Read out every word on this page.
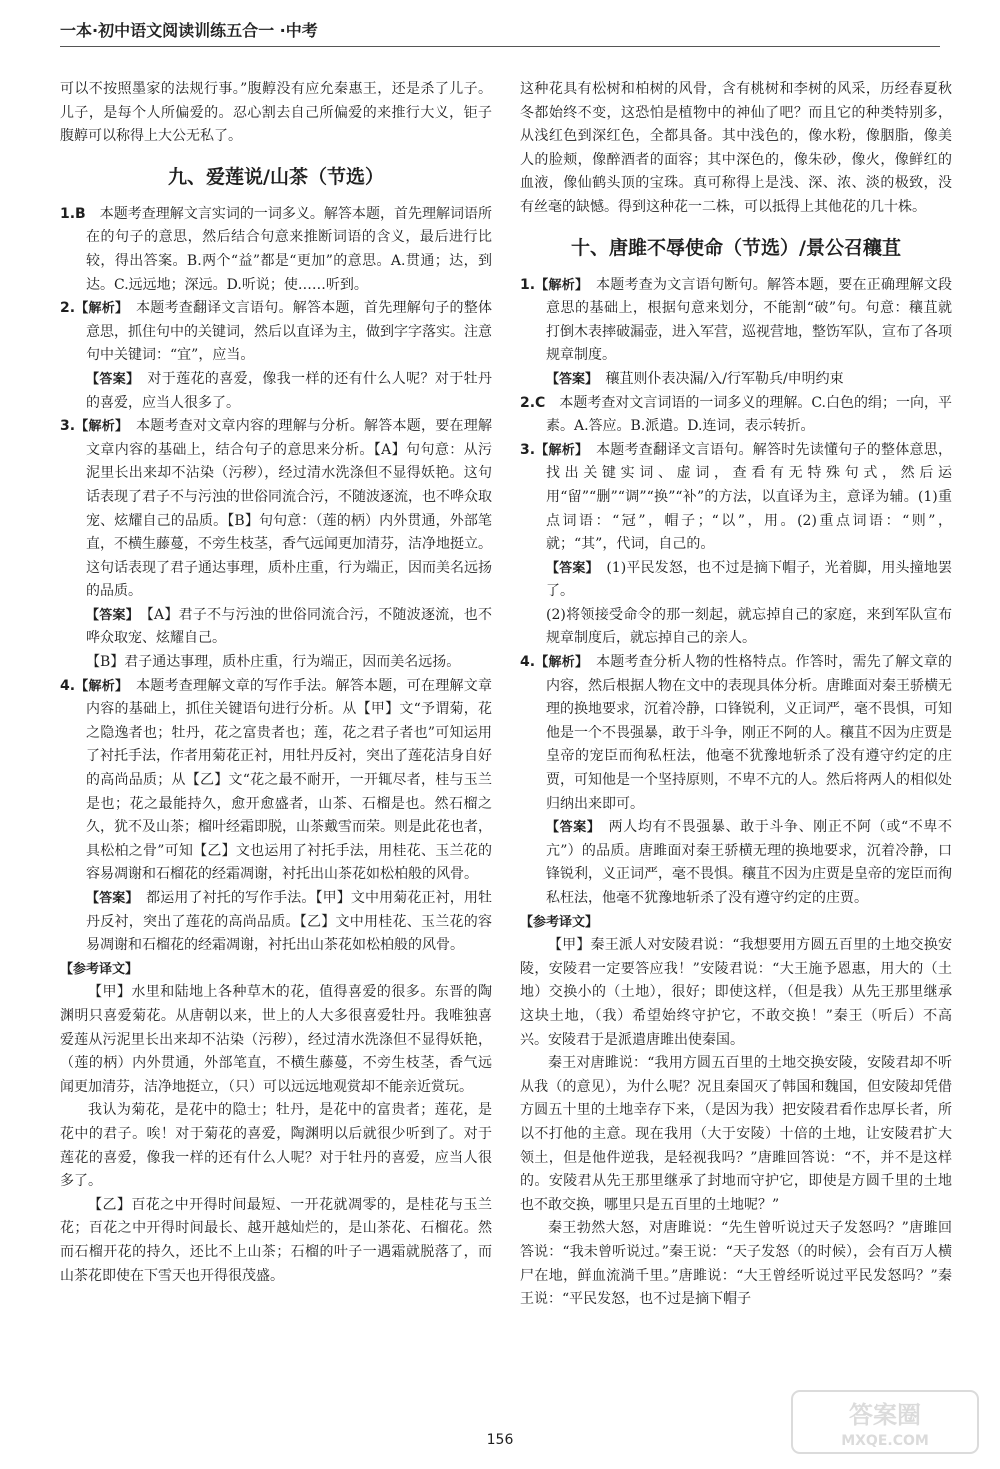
一本·初中语文阅读训练五合一 ·中考

可以不按照墨家的法规行事。”腹䵍没有应允秦惠王，还是杀了儿子。儿子，是每个人所偏爱的。忍心割去自己所偏爱的来推行大义，钜子腹䵍可以称得上大公无私了。

九、爱莲说/山茶（节选）

1.B　 本题考查理解文言实词的一词多义。解答本题，首先理解词语所在的句子的意思，然后结合句意来推断词语的含义，最后进行比较，得出答案。B.两个“益”都是“更加”的意思。A.贯通；达，到达。C.远远地；深远。D.听说；使……听到。

2.【解析】　 本题考查翻译文言语句。解答本题，首先理解句子的整体意思，抓住句中的关键词，然后以直译为主，做到字字落实。注意句中关键词：“宜”，应当。

【答案】　 对于莲花的喜爱，像我一样的还有什么人呢？对于牡丹的喜爱，应当人很多了。

3.【解析】　 本题考查对文章内容的理解与分析。解答本题，要在理解文章内容的基础上，结合句子的意思来分析。【A】句句意：从污泥里长出来却不沾染（污秽），经过清水洗涤但不显得妖艳。这句话表现了君子不与污浊的世俗同流合污，不随波逐流，也不哗众取宠、炫耀自己的品质。【B】句句意：（莲的柄）内外贯通，外部笔直，不横生藤蔓，不旁生枝茎，香气远闻更加清芬，洁净地挺立。这句话表现了君子通达事理，质朴庄重，行为端正，因而美名远扬的品质。

【答案】　 【A】君子不与污浊的世俗同流合污，不随波逐流，也不哗众取宠、炫耀自己。

【B】君子通达事理，质朴庄重，行为端正，因而美名远扬。

4.【解析】　 本题考查理解文章的写作手法。解答本题，可在理解文章内容的基础上，抓住关键语句进行分析。从【甲】文“予谓菊，花之隐逸者也；牡丹，花之富贵者也；莲，花之君子者也”可知运用了衬托手法，作者用菊花正衬，用牡丹反衬，突出了莲花洁身自好的高尚品质；从【乙】文“花之最不耐开，一开辄尽者，桂与玉兰是也；花之最能持久，愈开愈盛者，山茶、石榴是也。然石榴之久，犹不及山茶；榴叶经霜即脱，山茶戴雪而荣。则是此花也者，具松柏之骨”可知【乙】文也运用了衬托手法，用桂花、玉兰花的容易凋谢和石榴花的经霜凋谢，衬托出山茶花如松柏般的风骨。

【答案】　 都运用了衬托的写作手法。【甲】文中用菊花正衬，用牡丹反衬，突出了莲花的高尚品质。【乙】文中用桂花、玉兰花的容易凋谢和石榴花的经霜凋谢，衬托出山茶花如松柏般的风骨。

【参考译文】

【甲】水里和陆地上各种草木的花，值得喜爱的很多。东晋的陶渊明只喜爱菊花。从唐朝以来，世上的人大多很喜爱牡丹。我唯独喜爱莲从污泥里长出来却不沾染（污秽），经过清水洗涤但不显得妖艳，（莲的柄）内外贯通，外部笔直，不横生藤蔓，不旁生枝茎，香气远闻更加清芬，洁净地挺立，（只）可以远远地观赏却不能亲近赏玩。

我认为菊花，是花中的隐士；牡丹，是花中的富贵者；莲花，是花中的君子。唉！对于菊花的喜爱，陶渊明以后就很少听到了。对于莲花的喜爱，像我一样的还有什么人呢？对于牡丹的喜爱，应当人很多了。

【乙】百花之中开得时间最短、一开花就凋零的，是桂花与玉兰花；百花之中开得时间最长、越开越灿烂的，是山茶花、石榴花。然而石榴开花的持久，还比不上山茶；石榴的叶子一遇霜就脱落了，而山茶花即使在下雪天也开得很茂盛。

这种花具有松树和柏树的风骨，含有桃树和李树的风采，历经春夏秋冬都始终不变，这恐怕是植物中的神仙了吧？而且它的种类特别多，从浅红色到深红色，全都具备。其中浅色的，像水粉，像胭脂，像美人的脸颊，像醉酒者的面容；其中深色的，像朱砂，像火，像鲜红的血液，像仙鹤头顶的宝珠。真可称得上是浅、深、浓、淡的极致，没有丝毫的缺憾。得到这种花一二株，可以抵得上其他花的几十株。

十、唐雎不辱使命（节选）/景公召穰苴

1.【解析】　 本题考查为文言语句断句。解答本题，要在正确理解文段意思的基础上，根据句意来划分，不能割“破”句。句意：穰苴就打倒木表摔破漏壶，进入军营，巡视营地，整饬军队，宣布了各项规章制度。

【答案】　 穰苴则仆表决漏/入/行军勒兵/申明约束

2.C　 本题考查对文言词语的一词多义的理解。C.白色的绢；一向，平素。A.答应。B.派遣。D.连词，表示转折。

3.【解析】　 本题考查翻译文言语句。解答时先读懂句子的整体意思，找出关键实词、虚词，查看有无特殊句式，然后运用“留”“删”“调”“换”“补”的方法，以直译为主，意译为辅。(1)重点词语：“冠”，帽子；“以”，用。(2)重点词语：“则”，就；“其”，代词，自己的。

【答案】　 (1)平民发怒，也不过是摘下帽子，光着脚，用头撞地罢了。

(2)将领接受命令的那一刻起，就忘掉自己的家庭，来到军队宣布规章制度后，就忘掉自己的亲人。

4.【解析】　 本题考查分析人物的性格特点。作答时，需先了解文章的内容，然后根据人物在文中的表现具体分析。唐雎面对秦王骄横无理的换地要求，沉着冷静，口锋锐利，义正词严，毫不畏惧，可知他是一个不畏强暴，敢于斗争，刚正不阿的人。穰苴不因为庄贾是皇帝的宠臣而徇私枉法，他毫不犹豫地斩杀了没有遵守约定的庄贾，可知他是一个坚持原则，不卑不亢的人。然后将两人的相似处归纳出来即可。

【答案】　 两人均有不畏强暴、敢于斗争、刚正不阿（或“不卑不亢”）的品质。唐雎面对秦王骄横无理的换地要求，沉着冷静，口锋锐利，义正词严，毫不畏惧。穰苴不因为庄贾是皇帝的宠臣而徇私枉法，他毫不犹豫地斩杀了没有遵守约定的庄贾。

【参考译文】

【甲】秦王派人对安陵君说：“我想要用方圆五百里的土地交换安陵，安陵君一定要答应我！”安陵君说：“大王施予恩惠，用大的（土地）交换小的（土地），很好；即使这样，（但是我）从先王那里继承这块土地，（我）希望始终守护它，不敢交换！”秦王（听后）不高兴。安陵君于是派遣唐雎出使秦国。

秦王对唐雎说：“我用方圆五百里的土地交换安陵，安陵君却不听从我（的意见），为什么呢？况且秦国灭了韩国和魏国，但安陵却凭借方圆五十里的土地幸存下来，（是因为我）把安陵君看作忠厚长者，所以不打他的主意。现在我用（大于安陵）十倍的土地，让安陵君扩大领土，但是他件逆我，是轻视我吗？”唐雎回答说：“不，并不是这样的。安陵君从先王那里继承了封地而守护它，即使是方圆千里的土地也不敢交换，哪里只是五百里的土地呢？”

秦王勃然大怒，对唐雎说：“先生曾听说过天子发怒吗？”唐雎回答说：“我未曾听说过。”秦王说：“天子发怒（的时候），会有百万人横尸在地，鲜血流淌千里。”唐雎说：“大王曾经听说过平民发怒吗？”秦王说：“平民发怒，也不过是摘下帽子

156
答案圈
MXQE.COM
